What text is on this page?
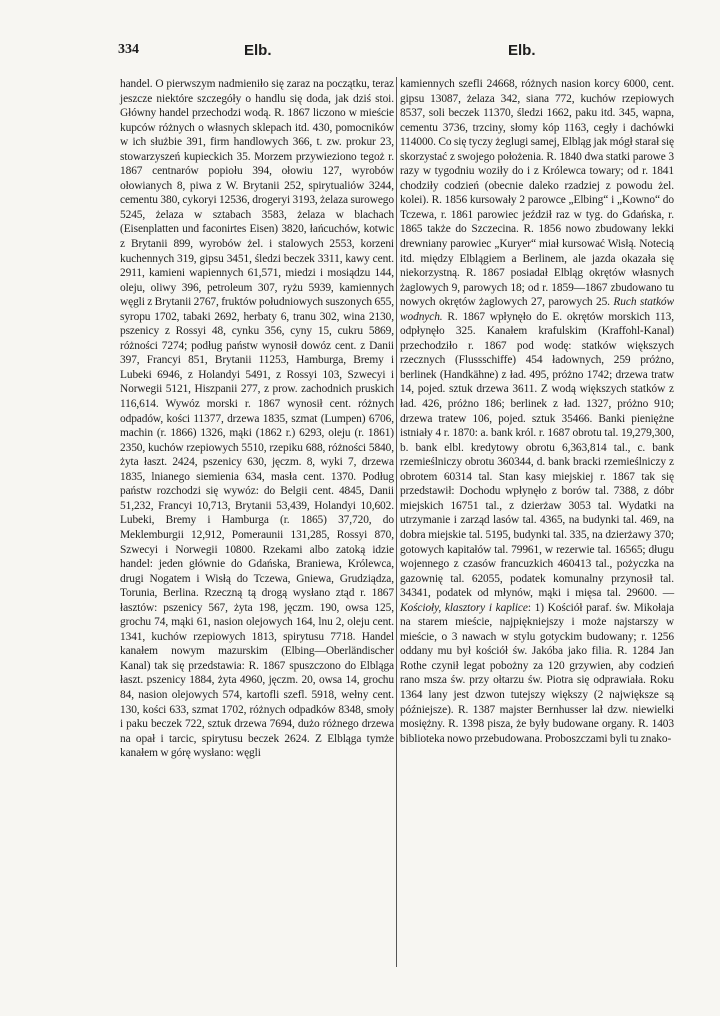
334	Elb.	Elb.

handel. O pierwszym nadmieniło się zaraz na początku, teraz jeszcze niektóre szczegóły o handlu się doda, jak dziś stoi. Główny handel przechodzi wodą. R. 1867 liczono w mieście kupców różnych o własnych sklepach itd. 430, pomocników w ich służbie 391, firm handlowych 366, t. zw. prokur 23, stowarzyszeń kupieckich 35. Morzem przywieziono tegoż r. 1867 centnarów popiołu 394, ołowiu 127, wyrobów ołowianych 8, piwa z W. Brytanii 252, spirytualiów 3244, cementu 380, cykoryi 12536, drogeryi 3193, żelaza surowego 5245, żelaza w sztabach 3583, żelaza w blachach (Eisenplatten und faconirtes Eisen) 3820, łańcuchów, kotwic z Brytanii 899, wyrobów żel. i stalowych 2553, korzeni kuchennych 319, gipsu 3451, śledzi beczek 3311, kawy cent. 2911, kamieni wapiennych 61,571, miedzi i mosiądzu 144, oleju, oliwy 396, petroleum 307, ryżu 5939, kamiennych węgli z Brytanii 2767, fruktów południowych suszonych 655, syropu 1702, tabaki 2692, herbaty 6, tranu 302, wina 2130, pszenicy z Rossyi 48, cynku 356, cyny 15, cukru 5869, różności 7274; podług państw wynosił dowóz cent. z Danii 397, Francyi 851, Brytanii 11253, Hamburga, Bremy i Lubeki 6946, z Holandyi 5491, z Rossyi 103, Szwecyi i Norwegii 5121, Hiszpanii 277, z prow. zachodnich pruskich 116,614. Wywóz morski r. 1867 wynosił cent. różnych odpadów, kości 11377, drzewa 1835, szmat (Lumpen) 6706, machin (r. 1866) 1326, mąki (1862 r.) 6293, oleju (r. 1861) 2350, kuchów rzepiowych 5510, rzepiku 688, różności 5840, żyta łaszt. 2424, pszenicy 630, jęczm. 8, wyki 7, drzewa 1835, lnianego siemienia 634, masła cent. 1370. Podług państw rozchodzi się wywóz: do Belgii cent. 4845, Danii 51,232, Francyi 10,713, Brytanii 53,439, Holandyi 10,602. Lubeki, Bremy i Hamburga (r. 1865) 37,720, do Meklemburgii 12,912, Pomeraunii 131,285, Rossyi 870, Szwecyi i Norwegii 10800. Rzekami albo zatoką idzie handel: jeden głównie do Gdańska, Braniewa, Królewca, drugi Nogatem i Wisłą do Tczewa, Gniewa, Grudziądza, Torunia, Berlina. Rzeczną tą drogą wysłano ztąd r. 1867 łasztów: pszenicy 567, żyta 198, jęczm. 190, owsa 125, grochu 74, mąki 61, nasion olejowych 164, lnu 2, oleju cent. 1341, kuchów rzepiowych 1813, spirytusu 7718. Handel kanałem nowym mazurskim (Elbing—Oberländischer Kanal) tak się przedstawia: R. 1867 spuszczono do Elbląga łaszt. pszenicy 1884, żyta 4960, jęczm. 20, owsa 14, grochu 84, nasion olejowych 574, kartofli szefl. 5918, wełny cent. 130, kości 633, szmat 1702, różnych odpadków 8348, smoły i paku beczek 722, sztuk drzewa 7694, dużo różnego drzewa na opał i tarcic, spirytusu beczek 2624. Z Elbląga tymże kanałem w górę wysłano: węgli

kamiennych szefli 24668, różnych nasion korcy 6000, cent. gipsu 13087, żelaza 342, siana 772, kuchów rzepiowych 8537, soli beczek 11370, śledzi 1662, paku itd. 345, wapna, cementu 3736, trzciny, słomy kóp 1163, cegły i dachówki 114000. Co się tyczy żeglugi samej, Elbląg jak mógł starał się skorzystać z swojego położenia. R. 1840 dwa statki parowe 3 razy w tygodniu woziły do i z Królewca towary; od r. 1841 chodziły codzień (obecnie daleko rzadziej z powodu żel. kolei). R. 1856 kursowały 2 parowce „Elbing“ i „Kowno“ do Tczewa, r. 1861 parowiec jeździł raz w tyg. do Gdańska, r. 1865 także do Szczecina. R. 1856 nowo zbudowany lekki drewniany parowiec „Kuryer“ miał kursować Wisłą. Notecią itd. między Elblągiem a Berlinem, ale jazda okazała się niekorzystną. R. 1867 posiadał Elbląg okrętów własnych żaglowych 9, parowych 18; od r. 1859—1867 zbudowano tu nowych okrętów żaglowych 27, parowych 25. Ruch statków wodnych. R. 1867 wpłynęło do E. okrętów morskich 113, odpłynęło 325. Kanałem krafulskim (Kraffohl-Kanal) przechodziło r. 1867 pod wodę: statków większych rzecznych (Flussschiffe) 454 ładownych, 259 próżno, berlinek (Handkähne) z ład. 495, próżno 1742; drzewa tratw 14, pojed. sztuk drzewa 3611. Z wodą większych statków z ład. 426, próżno 186; berlinek z ład. 1327, próżno 910; drzewa tratew 106, pojed. sztuk 35466. Banki pieniężne istniały 4 r. 1870: a. bank król. r. 1687 obrotu tal. 19,279,300, b. bank elbl. kredytowy obrotu 6,363,814 tal., c. bank rzemieślniczy obrotu 360344, d. bank bracki rzemieślniczy z obrotem 60314 tal. Stan kasy miejskiej r. 1867 tak się przedstawił: Dochodu wpłynęło z borów tal. 7388, z dóbr miejskich 16751 tal., z dzierżaw 3053 tal. Wydatki na utrzymanie i zarząd lasów tal. 4365, na budynki tal. 469, na dobra miejskie tal. 5195, budynki tal. 335, na dzierżawy 370; gotowych kapitałów tal. 79961, w rezerwie tal. 16565; długu wojennego z czasów francuzkich 460413 tal., pożyczka na gazownię tal. 62055, podatek komunalny przynosił tal. 34341, podatek od młynów, mąki i mięsa tal. 29600. — Kościoły, klasztory i kaplice: 1) Kościół paraf. św. Mikołaja na starem mieście, najpiękniejszy i może najstarszy w mieście, o 3 nawach w stylu gotyckim budowany; r. 1256 oddany mu był kościół św. Jakóba jako filia. R. 1284 Jan Rothe czynił legat pobożny za 120 grzywien, aby codzień rano msza św. przy ołtarzu św. Piotra się odprawiała. Roku 1364 lany jest dzwon tutejszy większy (2 największe są późniejsze). R. 1387 majster Bernhusser lał dzw. niewielki mosiężny. R. 1398 pisza, że były budowane organy. R. 1403 biblioteka nowo przebudowana. Proboszczami byli tu znako-
